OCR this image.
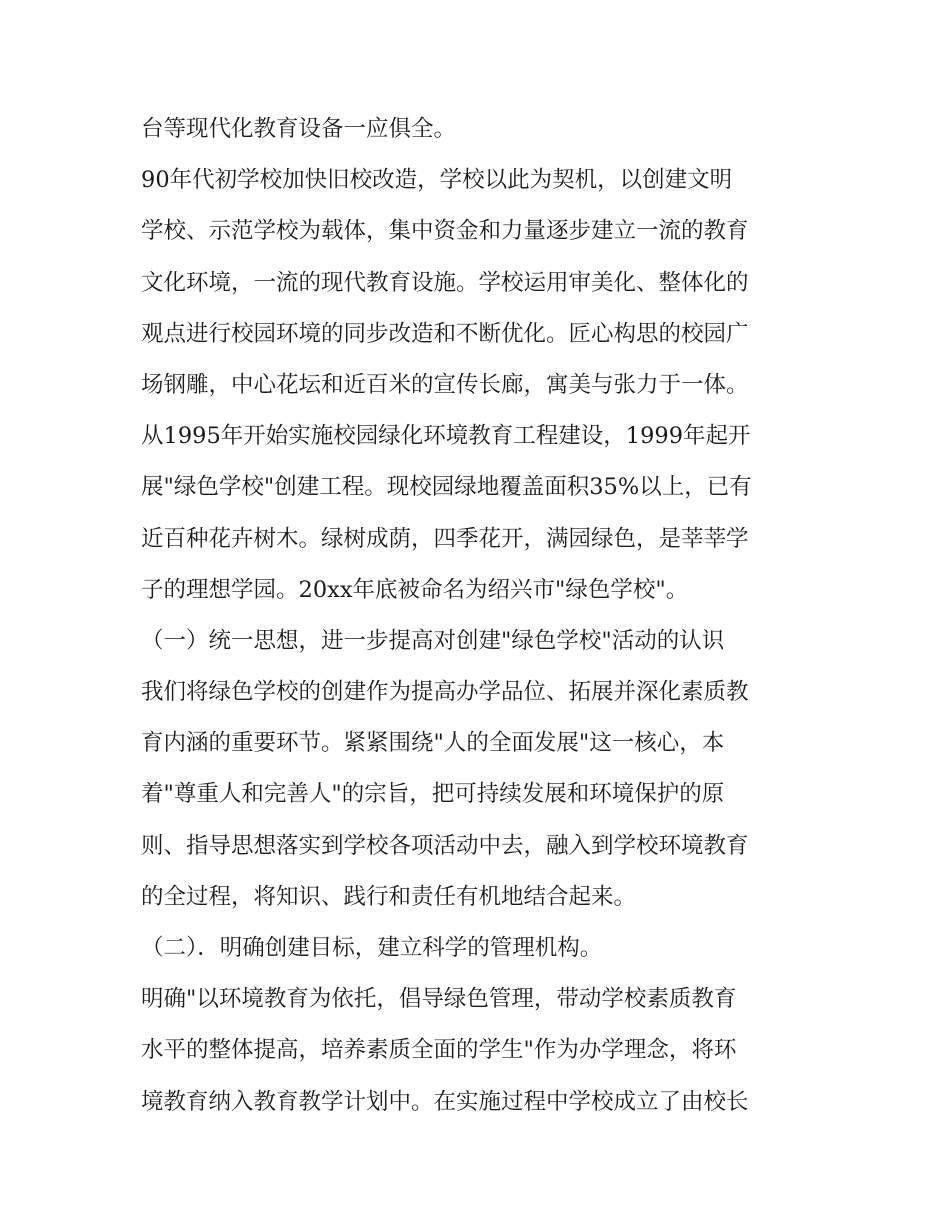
台等现代化教育设备一应俱全。
90年代初学校加快旧校改造，学校以此为契机，以创建文明
学校、示范学校为载体，集中资金和力量逐步建立一流的教育
文化环境，一流的现代教育设施。学校运用审美化、整体化的
观点进行校园环境的同步改造和不断优化。匠心构思的校园广
场钢雕，中心花坛和近百米的宣传长廊，寓美与张力于一体。
从1995年开始实施校园绿化环境教育工程建设，1999年起开
展"绿色学校"创建工程。现校园绿地覆盖面积35%以上，已有
近百种花卉树木。绿树成荫，四季花开，满园绿色，是莘莘学
子的理想学园。20xx年底被命名为绍兴市"绿色学校"。
（一）统一思想，进一步提高对创建"绿色学校"活动的认识
我们将绿色学校的创建作为提高办学品位、拓展并深化素质教
育内涵的重要环节。紧紧围绕"人的全面发展"这一核心，本
着"尊重人和完善人"的宗旨，把可持续发展和环境保护的原
则、指导思想落实到学校各项活动中去，融入到学校环境教育
的全过程，将知识、践行和责任有机地结合起来。
（二）．明确创建目标，建立科学的管理机构。
明确"以环境教育为依托，倡导绿色管理，带动学校素质教育
水平的整体提高，培养素质全面的学生"作为办学理念，将环
境教育纳入教育教学计划中。在实施过程中学校成立了由校长
